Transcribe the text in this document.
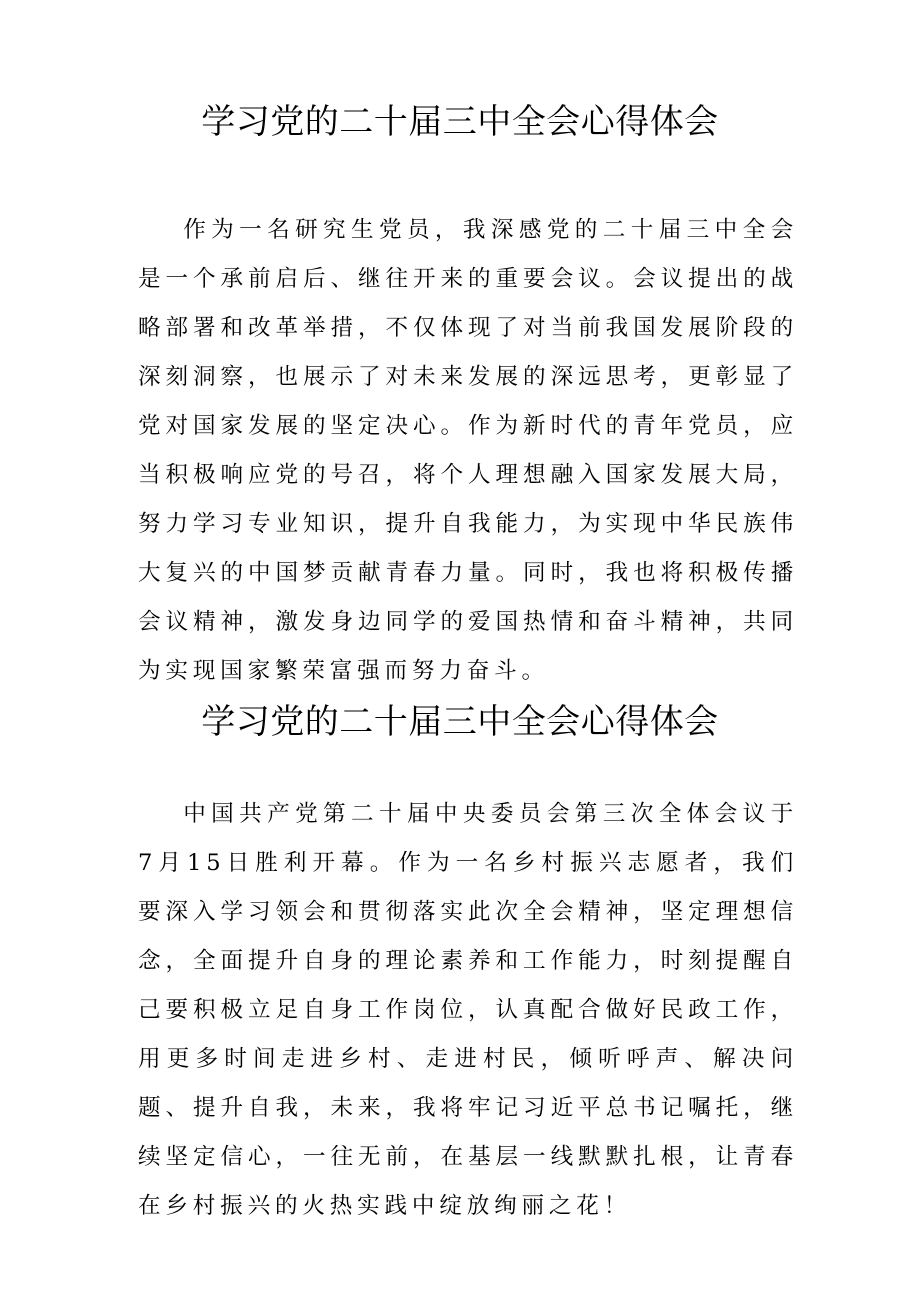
学习党的二十届三中全会心得体会

作为一名研究生党员，我深感党的二十届三中全会是一个承前启后、继往开来的重要会议。会议提出的战略部署和改革举措，不仅体现了对当前我国发展阶段的深刻洞察，也展示了对未来发展的深远思考，更彰显了党对国家发展的坚定决心。作为新时代的青年党员，应当积极响应党的号召，将个人理想融入国家发展大局，努力学习专业知识，提升自我能力，为实现中华民族伟大复兴的中国梦贡献青春力量。同时，我也将积极传播会议精神，激发身边同学的爱国热情和奋斗精神，共同为实现国家繁荣富强而努力奋斗。

学习党的二十届三中全会心得体会

中国共产党第二十届中央委员会第三次全体会议于7月15日胜利开幕。作为一名乡村振兴志愿者，我们要深入学习领会和贯彻落实此次全会精神，坚定理想信念，全面提升自身的理论素养和工作能力，时刻提醒自己要积极立足自身工作岗位，认真配合做好民政工作，用更多时间走进乡村、走进村民，倾听呼声、解决问题、提升自我，未来，我将牢记习近平总书记嘱托，继续坚定信心，一往无前，在基层一线默默扎根，让青春在乡村振兴的火热实践中绽放绚丽之花！
